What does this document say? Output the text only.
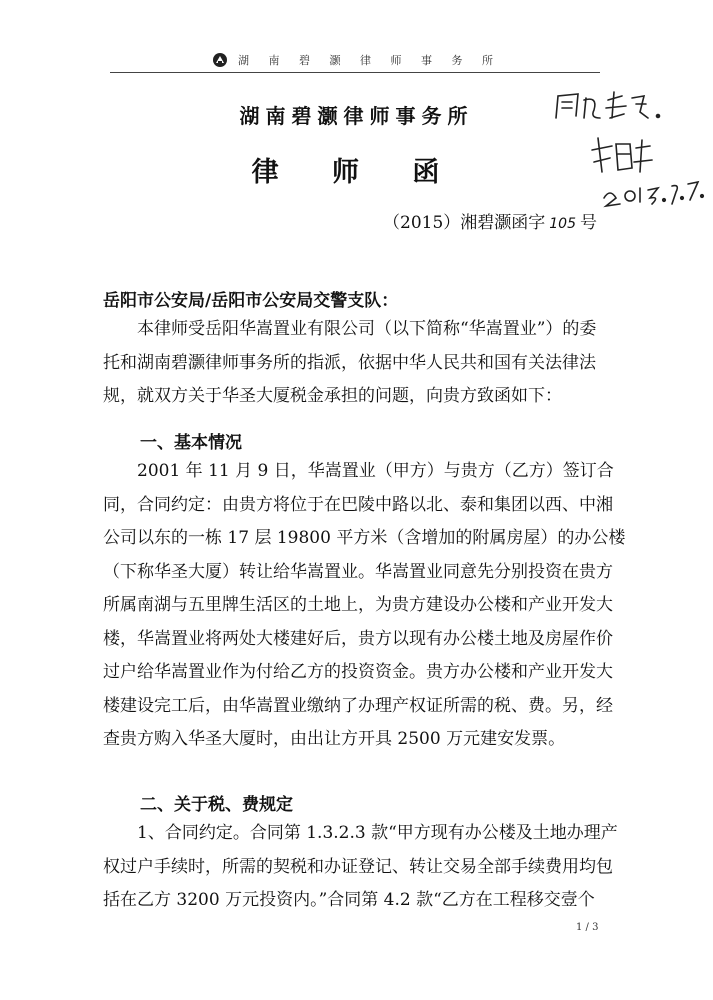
湖 南 碧 灏 律 师 事 务 所
湖南碧灏律师事务所
律 师 函
（2015）湘碧灏函字 105 号
岳阳市公安局/岳阳市公安局交警支队：
本律师受岳阳华嵩置业有限公司（以下简称“华嵩置业”）的委
托和湖南碧灏律师事务所的指派，依据中华人民共和国有关法律法
规，就双方关于华圣大厦税金承担的问题，向贵方致函如下：
一、基本情况
2001 年 11 月 9 日，华嵩置业（甲方）与贵方（乙方）签订合
同，合同约定：由贵方将位于在巴陵中路以北、泰和集团以西、中湘
公司以东的一栋 17 层 19800 平方米（含增加的附属房屋）的办公楼
（下称华圣大厦）转让给华嵩置业。华嵩置业同意先分别投资在贵方
所属南湖与五里牌生活区的土地上，为贵方建设办公楼和产业开发大
楼，华嵩置业将两处大楼建好后，贵方以现有办公楼土地及房屋作价
过户给华嵩置业作为付给乙方的投资资金。贵方办公楼和产业开发大
楼建设完工后，由华嵩置业缴纳了办理产权证所需的税、费。另，经
查贵方购入华圣大厦时，由出让方开具 2500 万元建安发票。
二、关于税、费规定
1、合同约定。合同第 1.3.2.3 款“甲方现有办公楼及土地办理产
权过户手续时，所需的契税和办证登记、转让交易全部手续费用均包
括在乙方 3200 万元投资内。”合同第 4.2 款“乙方在工程移交壹个
1 / 3
